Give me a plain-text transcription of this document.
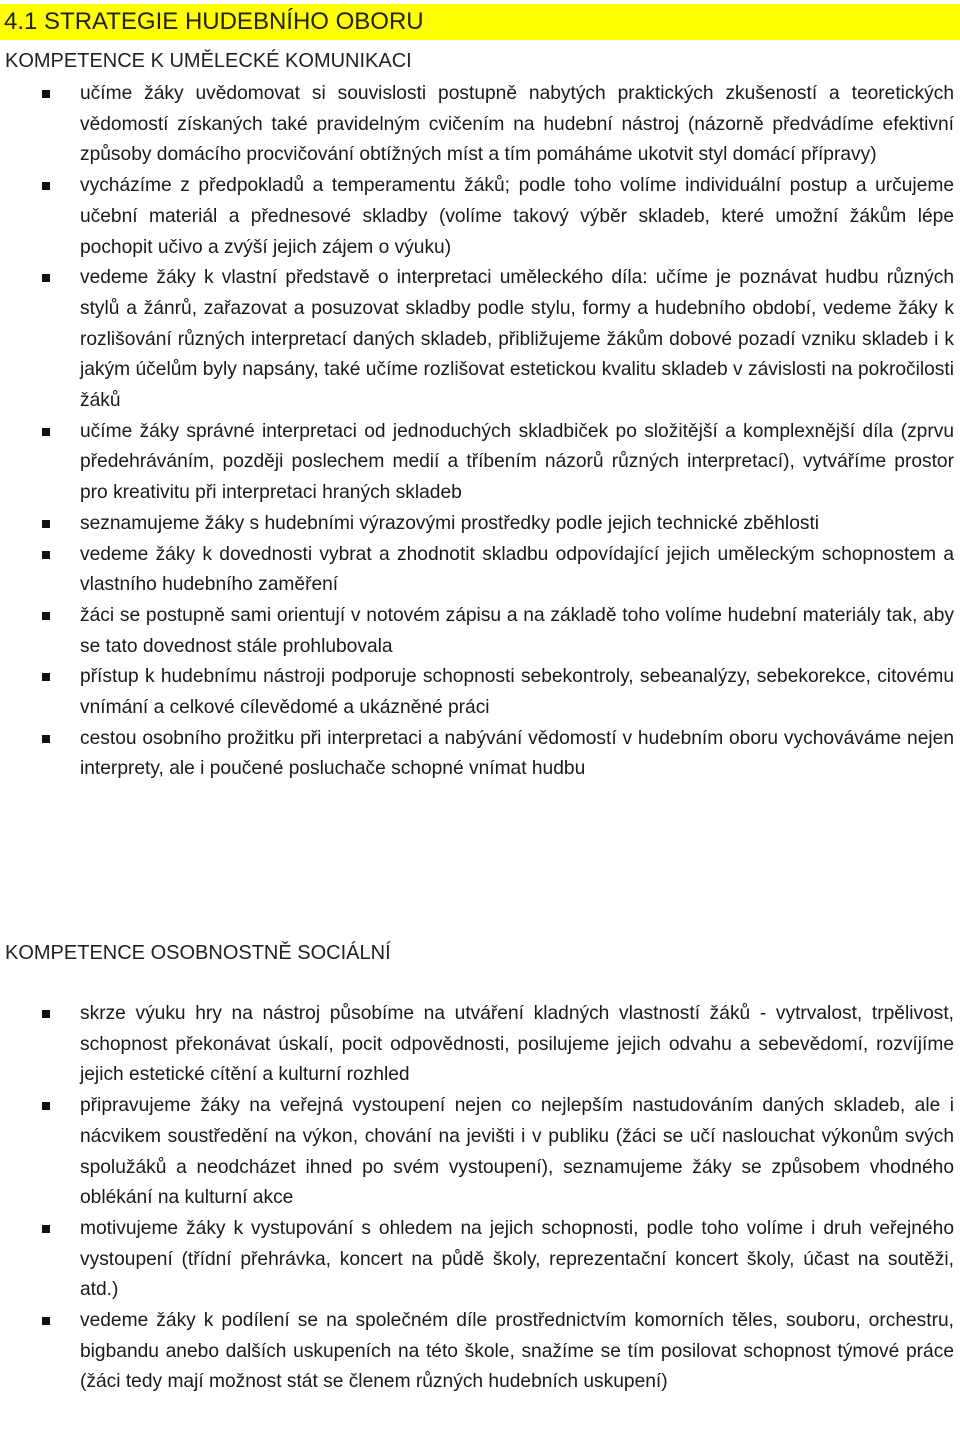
4.1 STRATEGIE HUDEBNÍHO OBORU
KOMPETENCE K UMĚLECKÉ KOMUNIKACI
učíme žáky uvědomovat si souvislosti postupně nabytých praktických zkušeností a teoretických vědomostí získaných také pravidelným cvičením na hudební nástroj (názorně předvádíme efektivní způsoby domácího procvičování obtížných míst a tím pomáháme ukotvit styl domácí přípravy)
vycházíme z předpokladů a temperamentu žáků; podle toho volíme individuální postup a určujeme učební materiál a přednesové skladby (volíme takový výběr skladeb, které umožní žákům lépe pochopit učivo a zvýší jejich zájem o výuku)
vedeme žáky k vlastní představě o interpretaci uměleckého díla: učíme je poznávat hudbu různých stylů a žánrů, zařazovat a posuzovat skladby podle stylu, formy a hudebního období, vedeme žáky k rozlišování různých interpretací daných skladeb, přibližujeme žákům dobové pozadí vzniku skladeb i k jakým účelům byly napsány, také učíme rozlišovat estetickou kvalitu skladeb v závislosti na pokročilosti žáků
učíme žáky správné interpretaci od jednoduchých skladbiček po složitější a komplexnější díla (zprvu předehráváním, později poslechem medií a tříbením názorů různých interpretací), vytváříme prostor pro kreativitu při interpretaci hraných skladeb
seznamujeme žáky s hudebními výrazovými prostředky podle jejich technické zběhlosti
vedeme žáky k dovednosti vybrat a zhodnotit skladbu odpovídající jejich uměleckým schopnostem a vlastního hudebního zaměření
žáci se postupně sami orientují v notovém zápisu a na základě toho volíme hudební materiály tak, aby se tato dovednost stále prohlubovala
přístup k hudebnímu nástroji podporuje schopnosti sebekontroly, sebeanalýzy, sebekorekce, citovému vnímání a celkové cílevědomé a ukázněné práci
cestou osobního prožitku při interpretaci a nabývání vědomostí v hudebním oboru vychováváme nejen interprety, ale i poučené posluchače schopné vnímat hudbu
KOMPETENCE OSOBNOSTNĚ SOCIÁLNÍ
skrze výuku hry na nástroj působíme na utváření kladných vlastností žáků - vytrvalost, trpělivost, schopnost překonávat úskalí, pocit odpovědnosti, posilujeme jejich odvahu a sebevědomí, rozvíjíme jejich estetické cítění a kulturní rozhled
připravujeme žáky na veřejná vystoupení nejen co nejlepším nastudováním daných skladeb, ale i nácvikem soustředění na výkon, chování na jevišti i v publiku (žáci se učí naslouchat výkonům svých spolužáků a neodcházet ihned po svém vystoupení), seznamujeme žáky se způsobem vhodného oblékání na kulturní akce
motivujeme žáky k vystupování s ohledem na jejich schopnosti, podle toho volíme i druh veřejného vystoupení (třídní přehrávka, koncert na půdě školy, reprezentační koncert školy, účast na soutěži, atd.)
vedeme žáky k podílení se na společném díle prostřednictvím komorních těles, souboru, orchestru, bigbandu anebo dalších uskupeních na této škole, snažíme se tím posilovat schopnost týmové práce (žáci tedy mají možnost stát se členem různých hudebních uskupení)
